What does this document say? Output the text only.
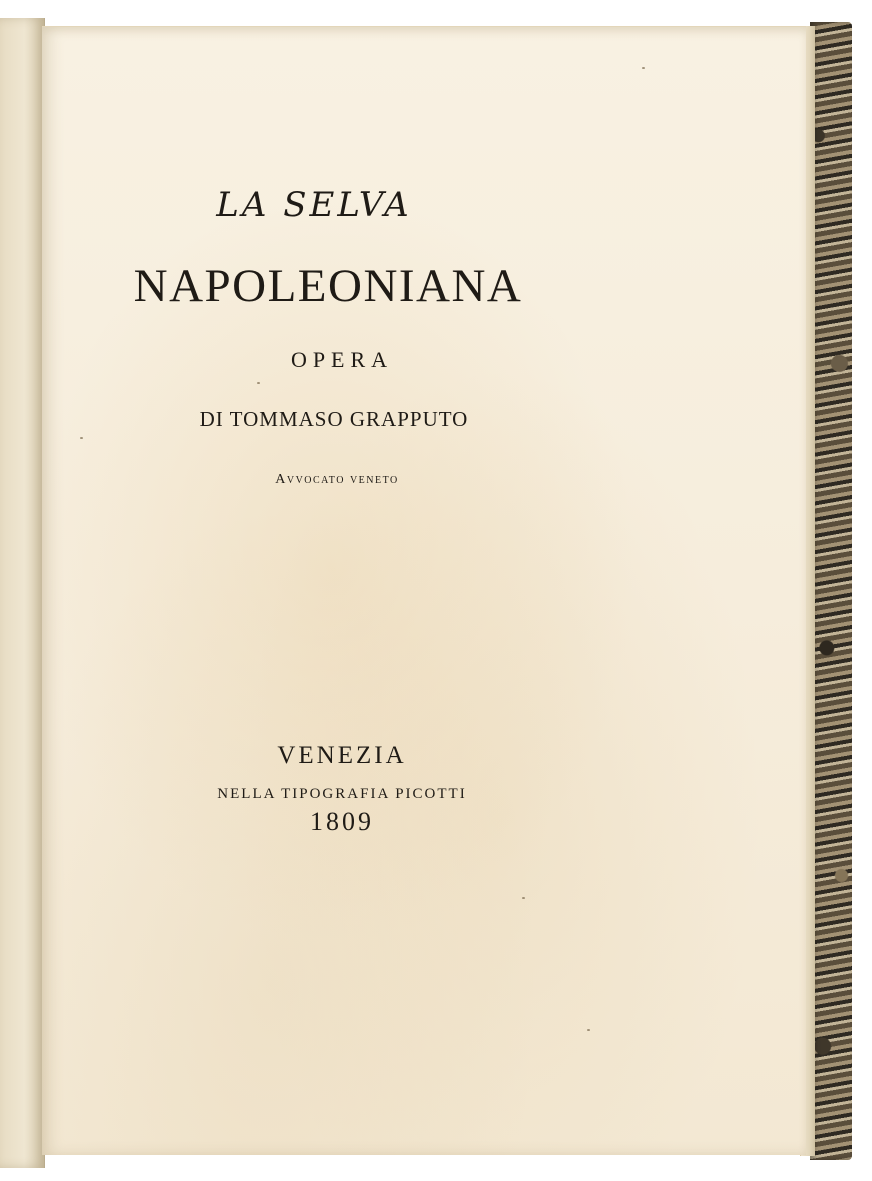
LA SELVA
NAPOLEONIANA
OPERA
DI TOMMASO GRAPPUTO
Avvocato veneto
VENEZIA
NELLA TIPOGRAFIA PICOTTI
1809
